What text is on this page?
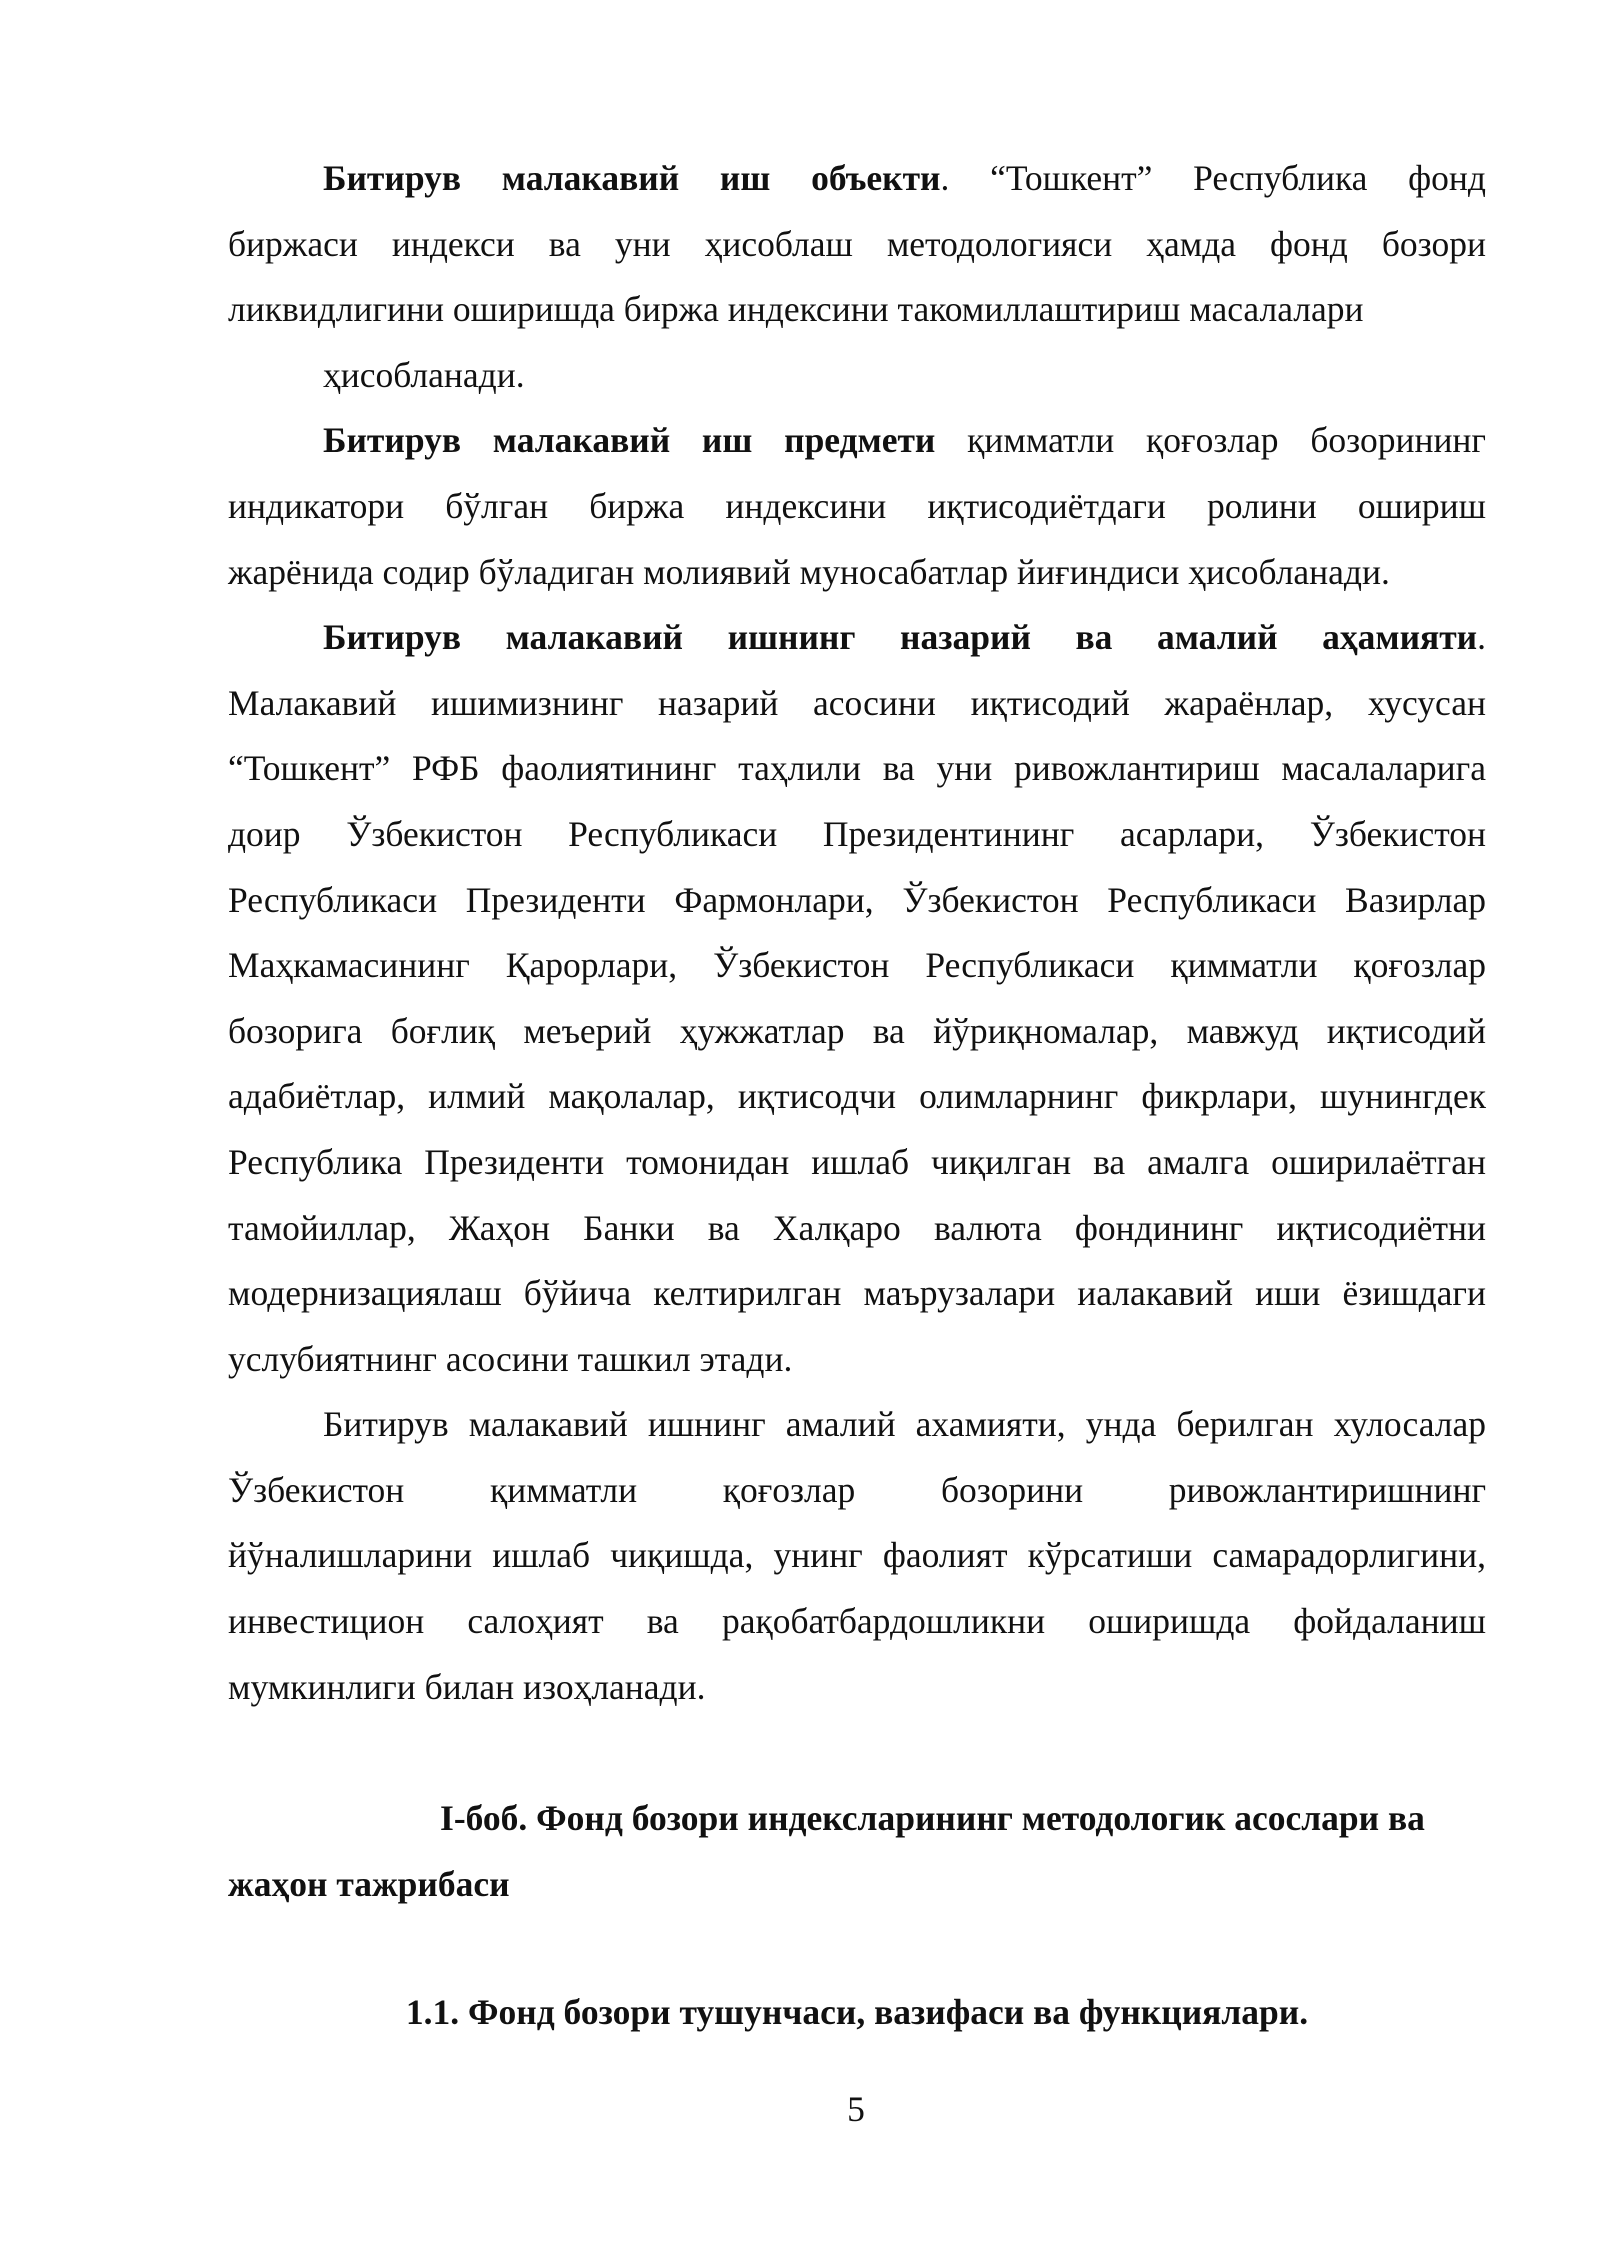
Битирув малакавий иш объекти. “Тошкент” Республика фонд

биржаси индекси ва уни ҳисоблаш методологияси ҳамда фонд бозори

ликвидлигини оширишда биржа индексини такомиллаштириш масалалари

ҳисобланади.

Битирув малакавий иш предмети қимматли қоғозлар бозорининг

индикатори бўлган биржа индексини иқтисодиётдаги ролини ошириш

жарёнида содир бўладиган молиявий муносабатлар йиғиндиси ҳисобланади.

Битирув малакавий ишнинг назарий ва амалий аҳамияти.

Малакавий ишимизнинг назарий асосини иқтисодий жараёнлар, хусусан

“Тошкент” РФБ фаолиятининг таҳлили ва уни ривожлантириш масалаларига

доир Ўзбекистон Республикаси Президентининг асарлари, Ўзбекистон

Республикаси Президенти Фармонлари, Ўзбекистон Республикаси Вазирлар

Маҳкамасининг Қарорлари, Ўзбекистон Республикаси қимматли қоғозлар

бозорига боғлиқ меъерий ҳужжатлар ва йўриқномалар, мавжуд иқтисодий

адабиётлар, илмий мақолалар, иқтисодчи олимларнинг фикрлари, шунингдек

Республика Президенти томонидан ишлаб чиқилган ва амалга оширилаётган

тамойиллар, Жаҳон Банки ва Халқаро валюта фондининг иқтисодиётни

модернизациялаш бўйича келтирилган маърузалари иалакавий иши ёзишдаги

услубиятнинг асосини ташкил этади.

Битирув малакавий ишнинг амалий ахамияти, унда берилган хулосалар

Ўзбекистон қимматли қоғозлар бозорини ривожлантиришнинг

йўналишларини ишлаб чиқишда, унинг фаолият кўрсатиши самарадорлигини,

инвестицион салоҳият ва рақобатбардошликни оширишда фойдаланиш

мумкинлиги билан изоҳланади.

I-боб. Фонд бозори индексларининг методологик асослари ва

жаҳон тажрибаси

1.1. Фонд бозори тушунчаси, вазифаси ва функциялари.
5
